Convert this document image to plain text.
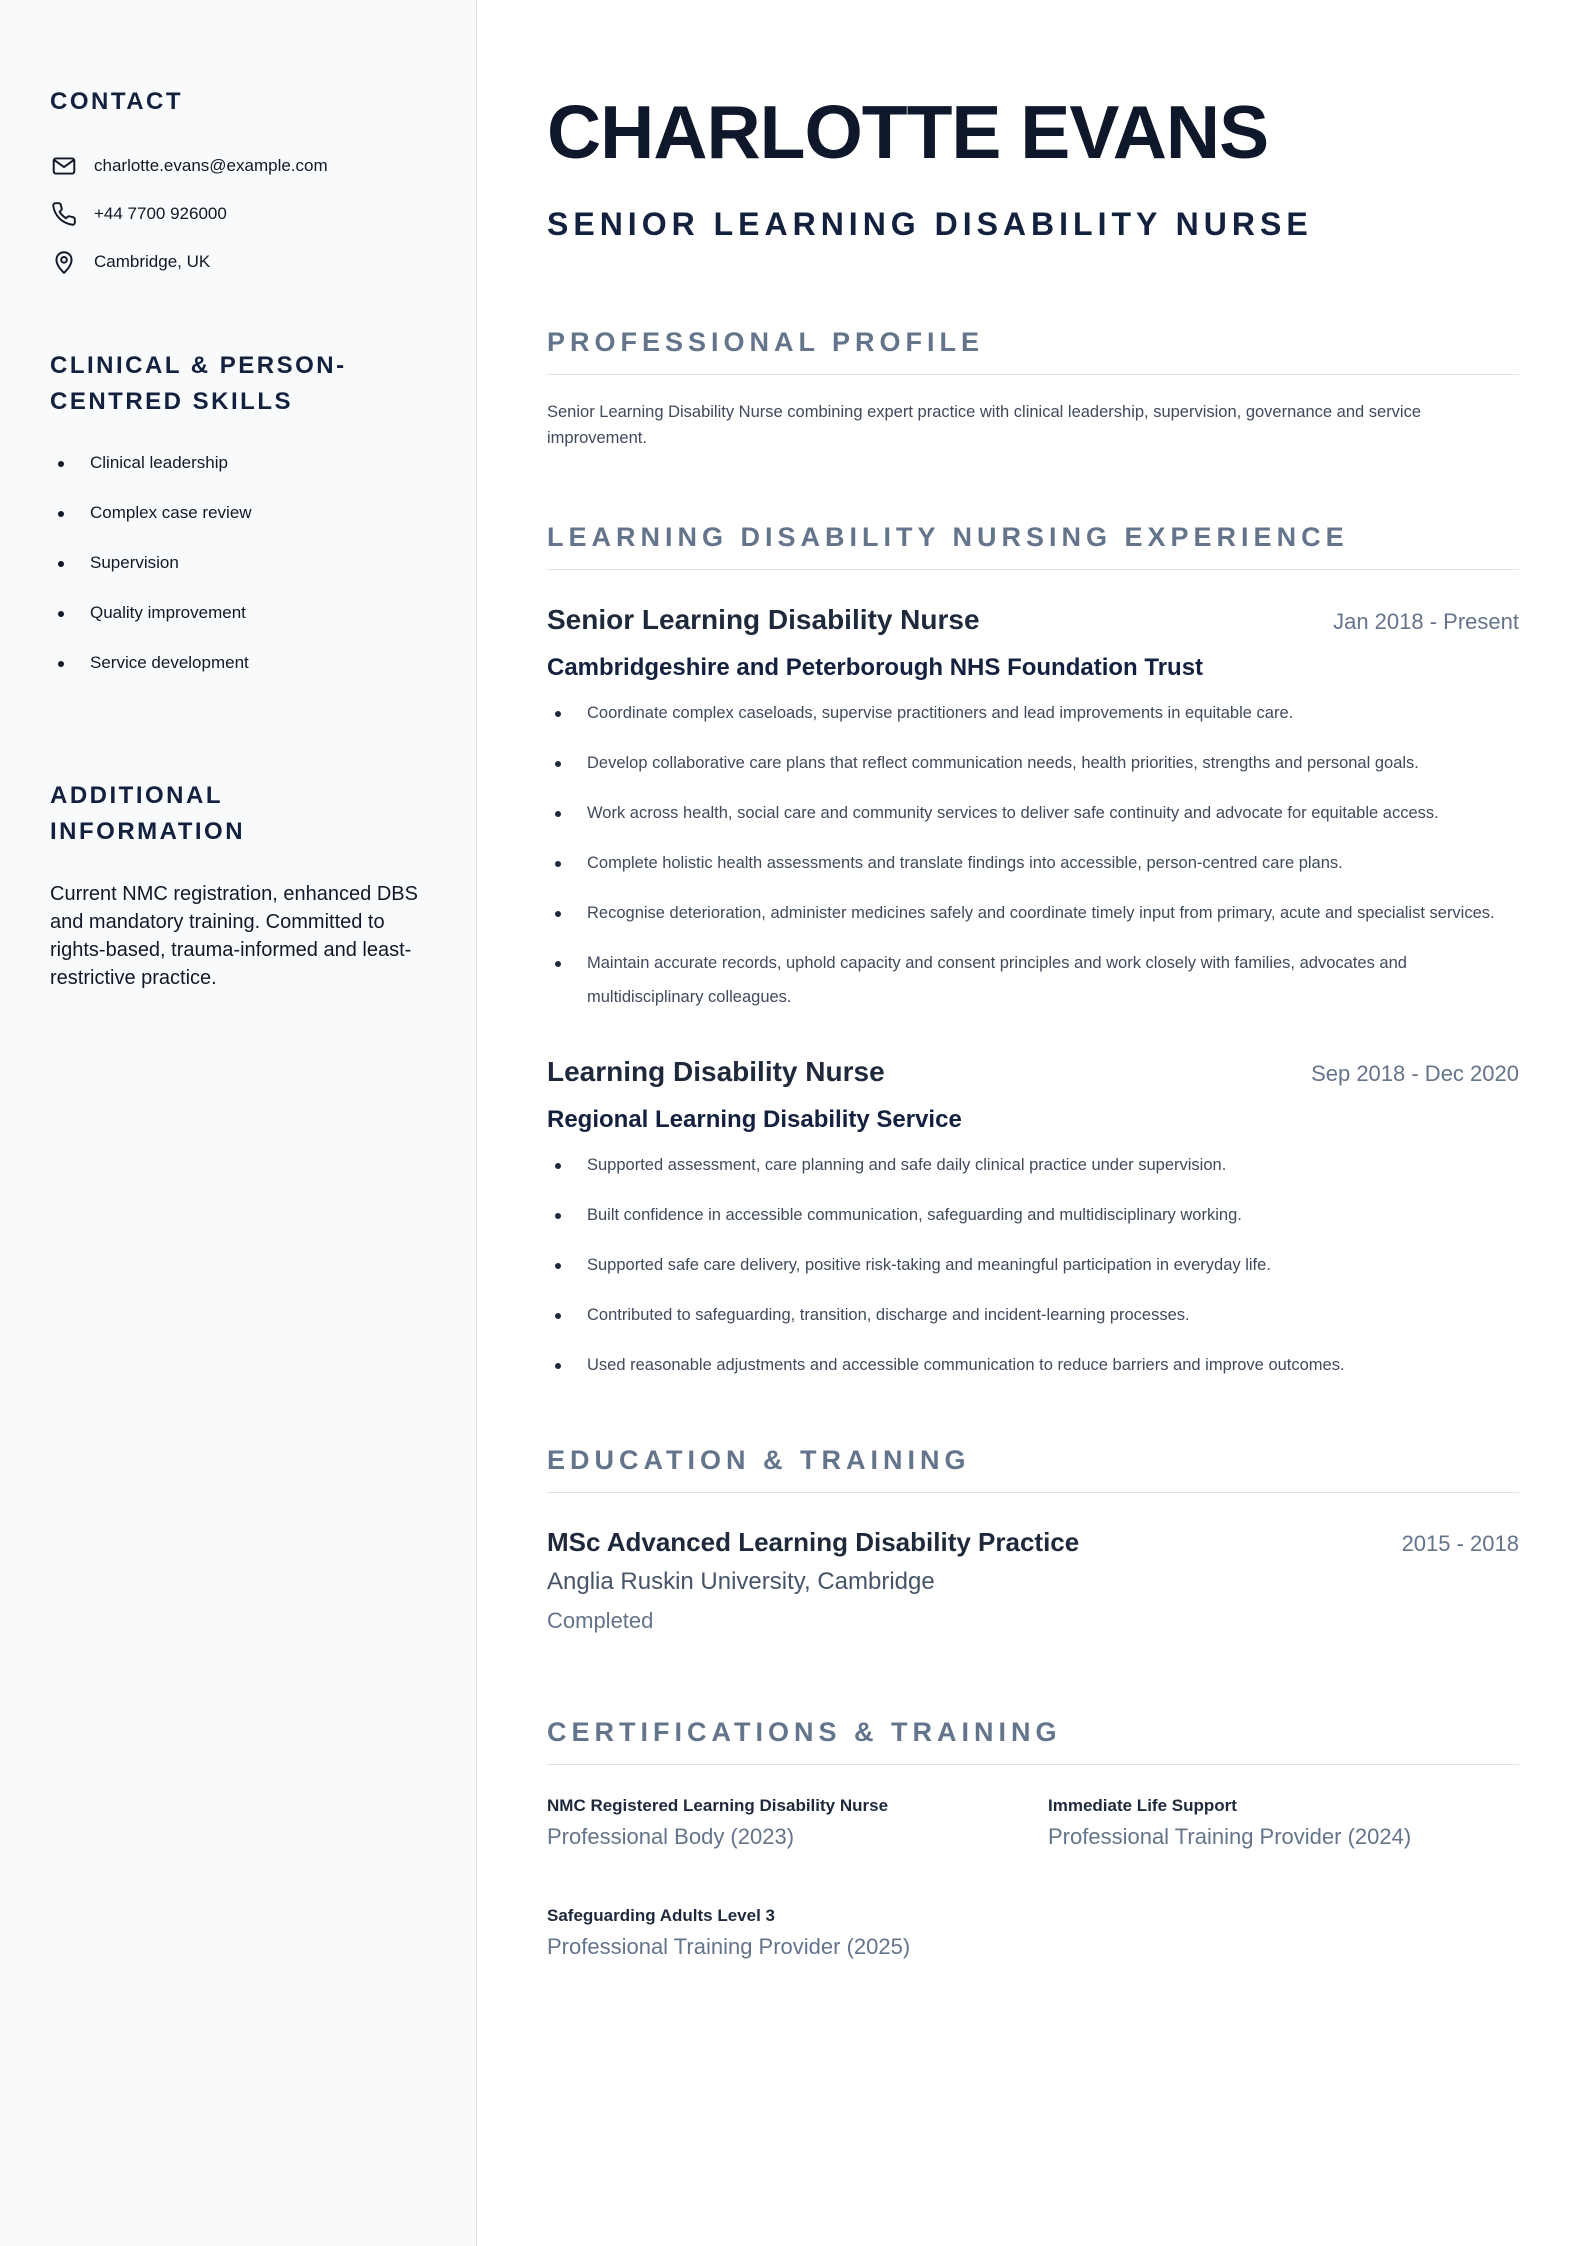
CONTACT
charlotte.evans@example.com
+44 7700 926000
Cambridge, UK
CLINICAL & PERSON-CENTRED SKILLS
Clinical leadership
Complex case review
Supervision
Quality improvement
Service development
ADDITIONAL INFORMATION

Current NMC registration, enhanced DBS and mandatory training. Committed to rights-based, trauma-informed and least-restrictive practice.

CHARLOTTE EVANS
SENIOR LEARNING DISABILITY NURSE
PROFESSIONAL PROFILE

Senior Learning Disability Nurse combining expert practice with clinical leadership, supervision, governance and service improvement.

LEARNING DISABILITY NURSING EXPERIENCE
Senior Learning Disability Nurse	Jan 2018 - Present
Cambridgeshire and Peterborough NHS Foundation Trust
Coordinate complex caseloads, supervise practitioners and lead improvements in equitable care.
Develop collaborative care plans that reflect communication needs, health priorities, strengths and personal goals.
Work across health, social care and community services to deliver safe continuity and advocate for equitable access.
Complete holistic health assessments and translate findings into accessible, person-centred care plans.
Recognise deterioration, administer medicines safely and coordinate timely input from primary, acute and specialist services.
Maintain accurate records, uphold capacity and consent principles and work closely with families, advocates and multidisciplinary colleagues.
Learning Disability Nurse	Sep 2018 - Dec 2020
Regional Learning Disability Service
Supported assessment, care planning and safe daily clinical practice under supervision.
Built confidence in accessible communication, safeguarding and multidisciplinary working.
Supported safe care delivery, positive risk-taking and meaningful participation in everyday life.
Contributed to safeguarding, transition, discharge and incident-learning processes.
Used reasonable adjustments and accessible communication to reduce barriers and improve outcomes.
EDUCATION & TRAINING
MSc Advanced Learning Disability Practice	2015 - 2018
Anglia Ruskin University, Cambridge
Completed
CERTIFICATIONS & TRAINING
NMC Registered Learning Disability Nurse
Professional Body (2023)
Immediate Life Support
Professional Training Provider (2024)
Safeguarding Adults Level 3
Professional Training Provider (2025)
